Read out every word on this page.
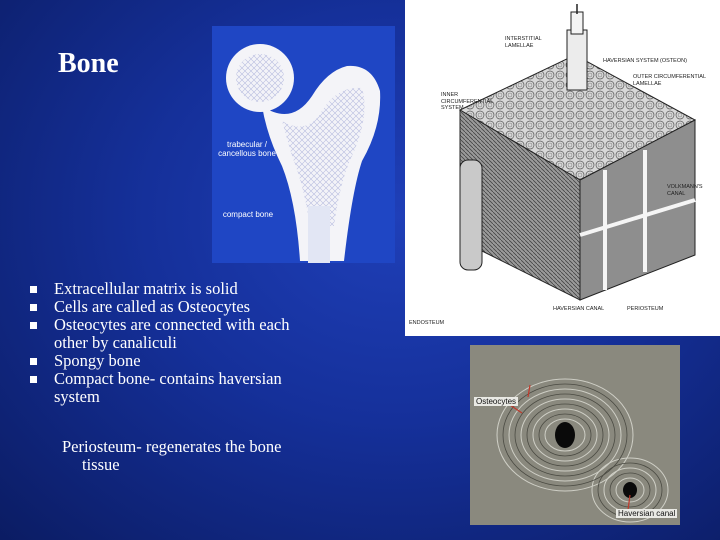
Bone
trabecular / cancellous bone
compact bone
INTERSTITIAL LAMELLAE
HAVERSIAN SYSTEM (OSTEON)
OUTER CIRCUMFERENTIAL LAMELLAE
INNER CIRCUMFERENTIAL SYSTEM
VOLKMANN'S CANAL
ENDOSTEUM
HAVERSIAN CANAL	PERIOSTEUM
Osteocytes
Haversian canal
Extracellular matrix is solid
Cells are called as Osteocytes
Osteocytes are connected with each
other by canaliculi
Spongy bone
Compact bone- contains haversian
system
Periosteum- regenerates the bone
tissue
